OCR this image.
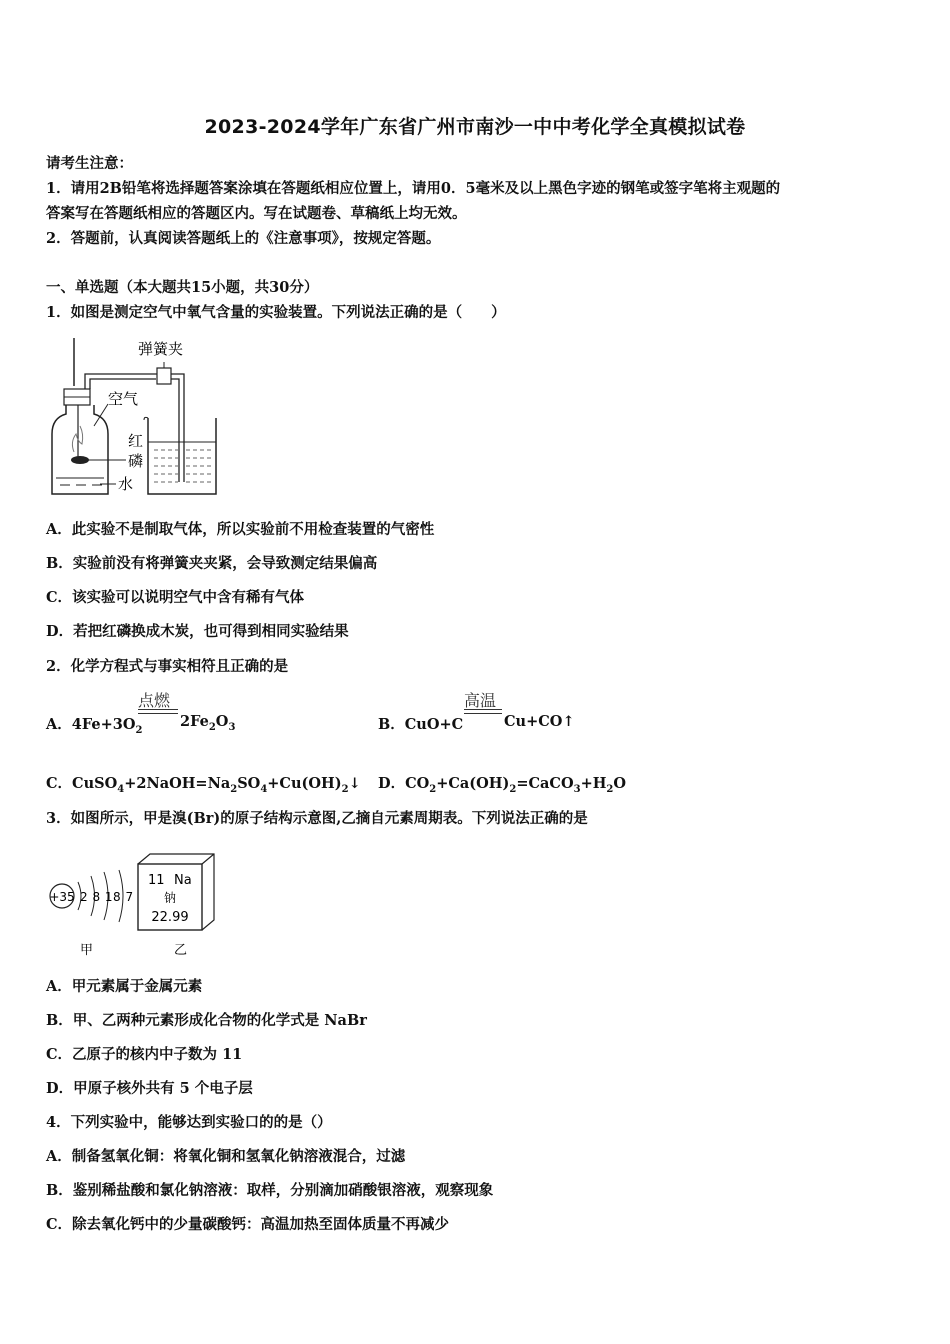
2023-2024学年广东省广州市南沙一中中考化学全真模拟试卷
请考生注意：
1．请用2B铅笔将选择题答案涂填在答题纸相应位置上，请用0．5毫米及以上黑色字迹的钢笔或签字笔将主观题的
答案写在答题纸相应的答题区内。写在试题卷、草稿纸上均无效。
2．答题前，认真阅读答题纸上的《注意事项》，按规定答题。
一、单选题（本大题共15小题，共30分）
1．如图是测定空气中氧气含量的实验装置。下列说法正确的是（　　）
弹簧夹
空气
红
磷
水
A．此实验不是制取气体，所以实验前不用检查装置的气密性
B．实验前没有将弹簧夹夹紧，会导致测定结果偏高
C．该实验可以说明空气中含有稀有气体
D．若把红磷换成木炭，也可得到相同实验结果
2．化学方程式与事实相符且正确的是
A．$4Fe+3O_2$
点燃
$2Fe_2O_3$	B．CuO+C
高温
Cu+CO↑
C．$CuSO_4+2NaOH=Na_2SO_4+Cu(OH)_2↓$ D．$CO_2+Ca(OH)_2=CaCO_3+H_2O$
3．如图所示，甲是溴(Br)的原子结构示意图,乙摘自元素周期表。下列说法正确的是
+35 2 8 18 7
甲
11 Na
钠
22.99
乙
A．甲元素属于金属元素
B．甲、乙两种元素形成化合物的化学式是 NaBr
C．乙原子的核内中子数为 11
D．甲原子核外共有 5 个电子层
4．下列实验中，能够达到实验口的的是（）
A．制备氢氧化铜：将氧化铜和氢氧化钠溶液混合，过滤
B．鉴别稀盐酸和氯化钠溶液：取样，分别滴加硝酸银溶液，观察现象
C．除去氧化钙中的少量碳酸钙：高温加热至固体质量不再减少
